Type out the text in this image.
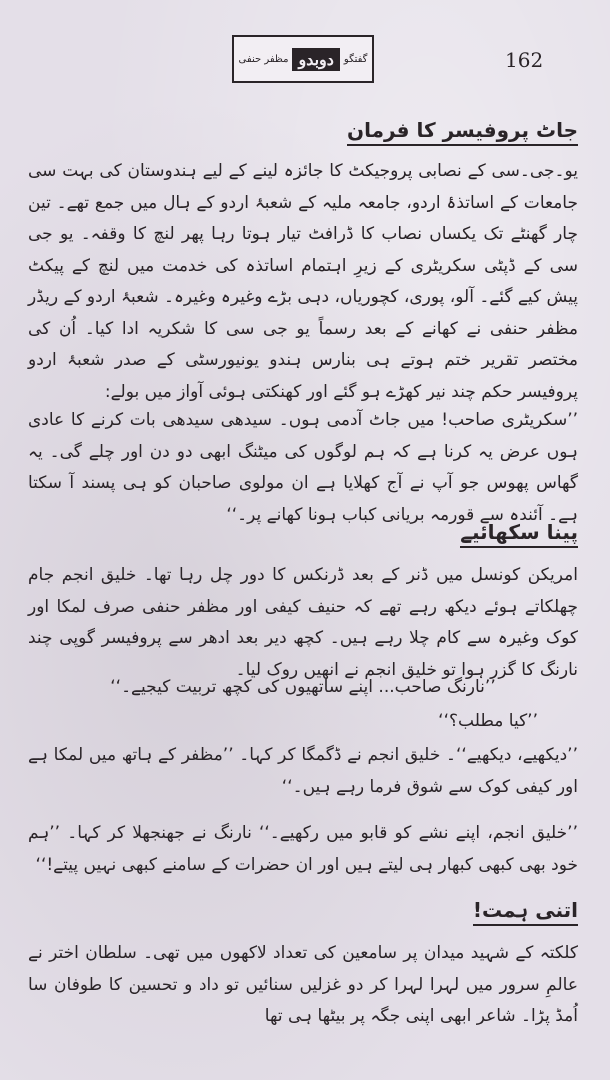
گفتگو
دوبدو
مظفر حنفی	162
جاٹ پروفیسر کا فرمان

یو۔جی۔سی کے نصابی پروجیکٹ کا جائزہ لینے کے لیے ہندوستان کی بہت سی جامعات کے اساتذۂ اردو، جامعہ ملیہ کے شعبۂ اردو کے ہال میں جمع تھے۔ تین چار گھنٹے تک یکساں نصاب کا ڈرافٹ تیار ہوتا رہا پھر لنچ کا وقفہ۔ یو جی سی کے ڈپٹی سکریٹری کے زیرِ اہتمام اساتذہ کی خدمت میں لنچ کے پیکٹ پیش کیے گئے۔ آلو، پوری، کچوریاں، دہی بڑے وغیرہ وغیرہ۔ شعبۂ اردو کے ریڈر مظفر حنفی نے کھانے کے بعد رسماً یو جی سی کا شکریہ ادا کیا۔ اُن کی مختصر تقریر ختم ہوتے ہی بنارس ہندو یونیورسٹی کے صدر شعبۂ اردو پروفیسر حکم چند نیر کھڑے ہو گئے اور کھنکتی ہوئی آواز میں بولے:

’’سکریٹری صاحب! میں جاٹ آدمی ہوں۔ سیدھی سیدھی بات کرنے کا عادی ہوں عرض یہ کرنا ہے کہ ہم لوگوں کی میٹنگ ابھی دو دن اور چلے گی۔ یہ گھاس پھوس جو آپ نے آج کھلایا ہے ان مولوی صاحبان کو ہی پسند آ سکتا ہے۔ آئندہ سے قورمہ بریانی کباب ہونا کھانے پر۔‘‘

پینا سکھائیے

امریکن کونسل میں ڈنر کے بعد ڈرنکس کا دور چل رہا تھا۔ خلیق انجم جام چھلکاتے ہوئے دیکھ رہے تھے کہ حنیف کیفی اور مظفر حنفی صرف لمکا اور کوک وغیرہ سے کام چلا رہے ہیں۔ کچھ دیر بعد ادھر سے پروفیسر گوپی چند نارنگ کا گزر ہوا تو خلیق انجم نے انھیں روک لیا۔

’’نارنگ صاحب... اپنے ساتھیوں کی کچھ تربیت کیجیے۔‘‘

’’کیا مطلب؟‘‘

’’دیکھیے، دیکھیے‘‘۔ خلیق انجم نے ڈگمگا کر کہا۔ ’’مظفر کے ہاتھ میں لمکا ہے اور کیفی کوک سے شوق فرما رہے ہیں۔‘‘

’’خلیق انجم، اپنے نشے کو قابو میں رکھیے۔‘‘ نارنگ نے جھنجھلا کر کہا۔ ’’ہم خود بھی کبھی کبھار ہی لیتے ہیں اور ان حضرات کے سامنے کبھی نہیں پیتے!‘‘

اتنی ہمت!

کلکتہ کے شہید میدان پر سامعین کی تعداد لاکھوں میں تھی۔ سلطان اختر نے عالمِ سرور میں لہرا لہرا کر دو غزلیں سنائیں تو داد و تحسین کا طوفان سا اُمڈ پڑا۔ شاعر ابھی اپنی جگہ پر بیٹھا ہی تھا
